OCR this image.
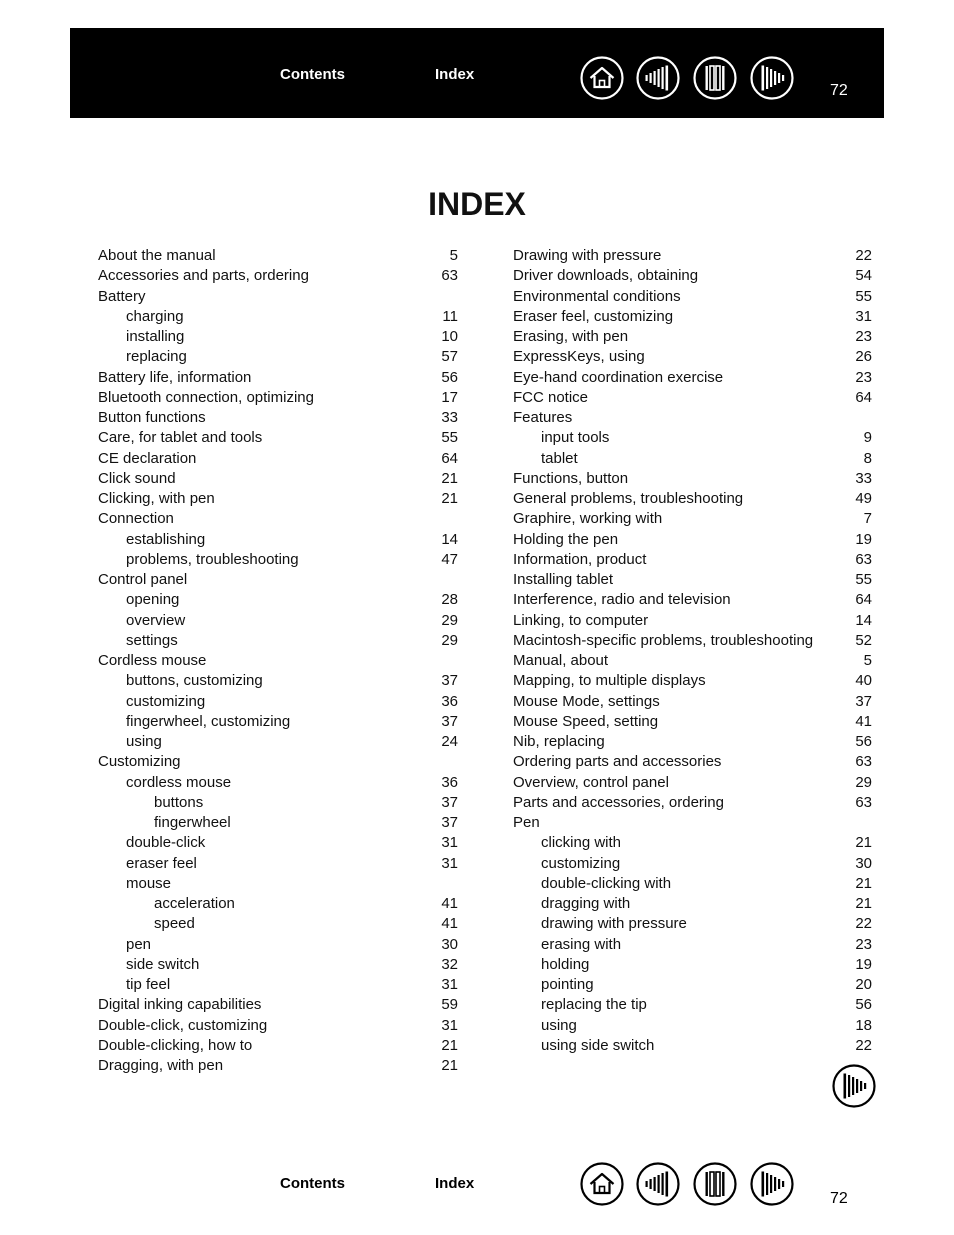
Contents	Index
72
INDEX
About the manual	5
Accessories and parts, ordering	63
Battery
charging	11
installing	10
replacing	57
Battery life, information	56
Bluetooth connection, optimizing	17
Button functions	33
Care, for tablet and tools	55
CE declaration	64
Click sound	21
Clicking, with pen	21
Connection
establishing	14
problems, troubleshooting	47
Control panel
opening	28
overview	29
settings	29
Cordless mouse
buttons, customizing	37
customizing	36
fingerwheel, customizing	37
using	24
Customizing
cordless mouse	36
buttons	37
fingerwheel	37
double-click	31
eraser feel	31
mouse
acceleration	41
speed	41
pen	30
side switch	32
tip feel	31
Digital inking capabilities	59
Double-click, customizing	31
Double-clicking, how to	21
Dragging, with pen	21
Drawing with pressure	22
Driver downloads, obtaining	54
Environmental conditions	55
Eraser feel, customizing	31
Erasing, with pen	23
ExpressKeys, using	26
Eye-hand coordination exercise	23
FCC notice	64
Features
input tools	9
tablet	8
Functions, button	33
General problems, troubleshooting	49
Graphire, working with	7
Holding the pen	19
Information, product	63
Installing tablet	55
Interference, radio and television	64
Linking, to computer	14
Macintosh-specific problems, troubleshooting	52
Manual, about	5
Mapping, to multiple displays	40
Mouse Mode, settings	37
Mouse Speed, setting	41
Nib, replacing	56
Ordering parts and accessories	63
Overview, control panel	29
Parts and accessories, ordering	63
Pen
clicking with	21
customizing	30
double-clicking with	21
dragging with	21
drawing with pressure	22
erasing with	23
holding	19
pointing	20
replacing the tip	56
using	18
using side switch	22
Contents	Index
72
